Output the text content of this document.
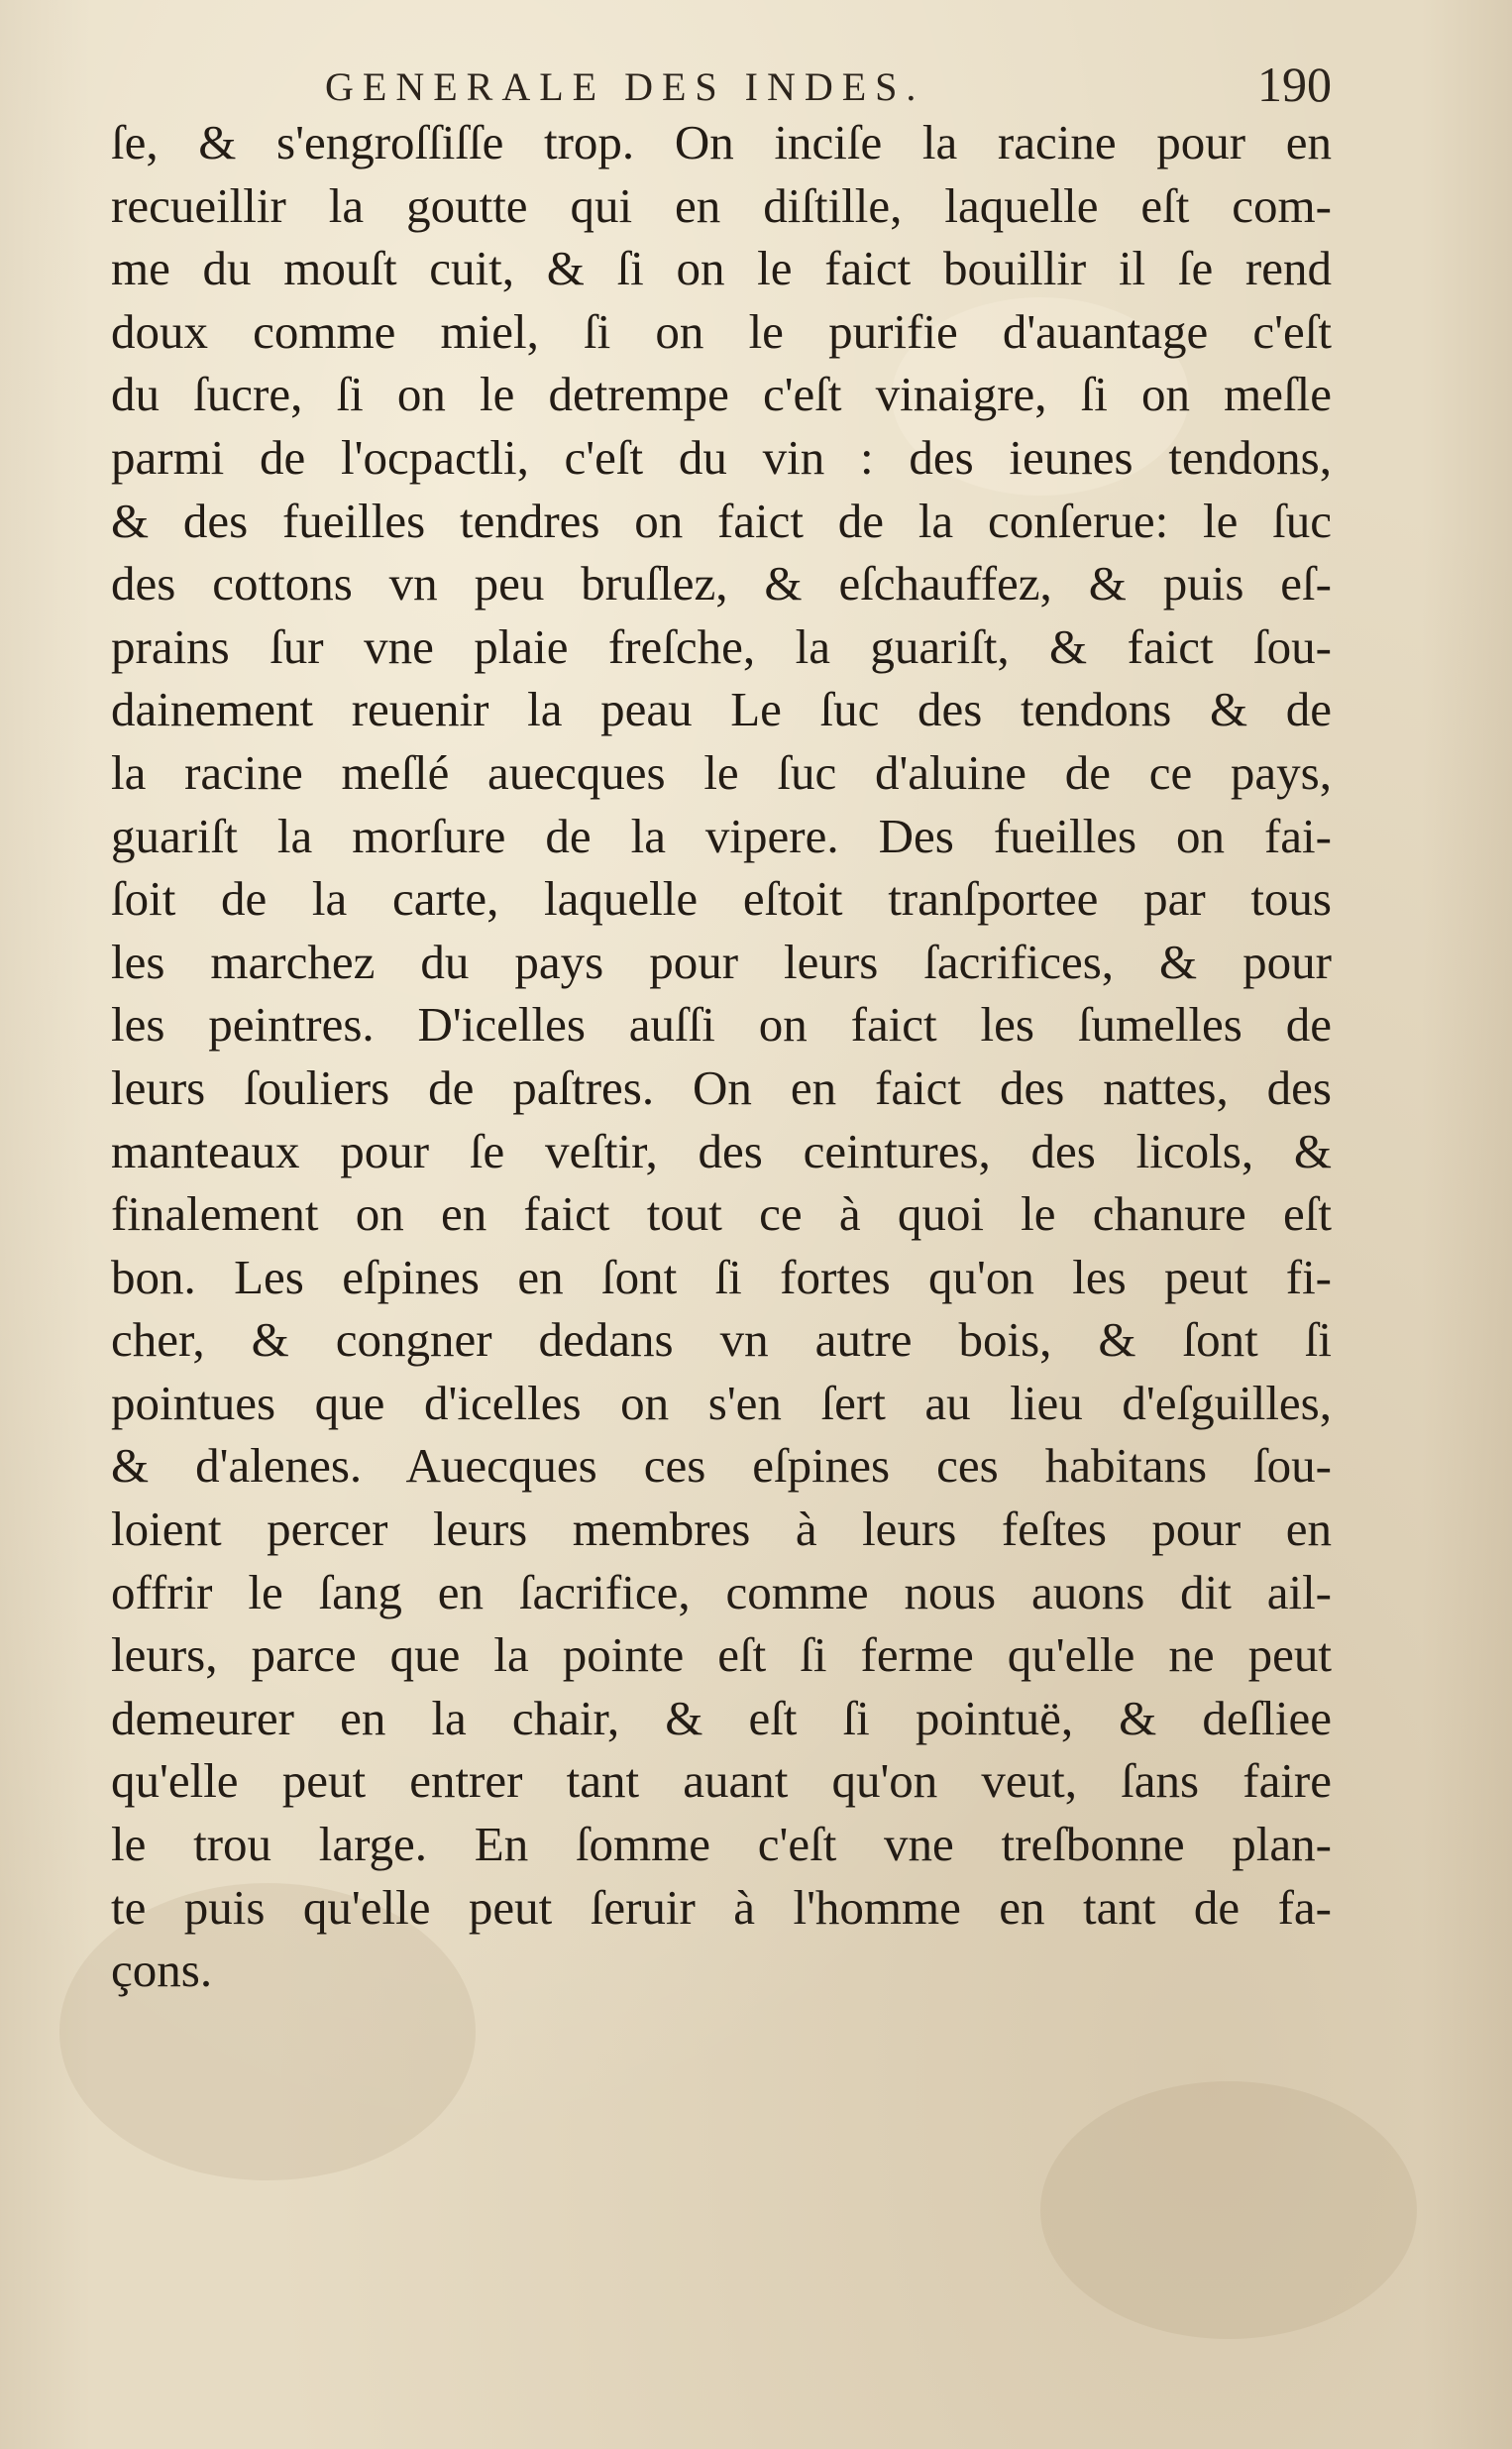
GENERALE DES INDES.	190
ſe, & s'engroſſiſſe trop. On inciſe la racine pour en
recueillir la goutte qui en diſtille, laquelle eſt com-
me du mouſt cuit, & ſi on le faict bouillir il ſe rend
doux comme miel, ſi on le purifie d'auantage c'eſt
du ſucre, ſi on le detrempe c'eſt vinaigre, ſi on meſle
parmi de l'ocpactli, c'eſt du vin : des ieunes tendons,
& des fueilles tendres on faict de la conſerue: le ſuc
des cottons vn peu bruſlez, & eſchauffez, & puis eſ-
prains ſur vne plaie freſche, la guariſt, & faict ſou-
dainement reuenir la peau Le ſuc des tendons & de
la racine meſlé auecques le ſuc d'aluine de ce pays,
guariſt la morſure de la vipere. Des fueilles on fai-
ſoit de la carte, laquelle eſtoit tranſportee par tous
les marchez du pays pour leurs ſacrifices, & pour
les peintres. D'icelles auſſi on faict les ſumelles de
leurs ſouliers de paſtres. On en faict des nattes, des
manteaux pour ſe veſtir, des ceintures, des licols, &
finalement on en faict tout ce à quoi le chanure eſt
bon. Les eſpines en ſont ſi fortes qu'on les peut fi-
cher, & congner dedans vn autre bois, & ſont ſi
pointues que d'icelles on s'en ſert au lieu d'eſguilles,
& d'alenes. Auecques ces eſpines ces habitans ſou-
loient percer leurs membres à leurs feſtes pour en
offrir le ſang en ſacrifice, comme nous auons dit ail-
leurs, parce que la pointe eſt ſi ferme qu'elle ne peut
demeurer en la chair, & eſt ſi pointuë, & deſliee
qu'elle peut entrer tant auant qu'on veut, ſans faire
le trou large. En ſomme c'eſt vne treſbonne plan-
te puis qu'elle peut ſeruir à l'homme en tant de fa-
çons.
